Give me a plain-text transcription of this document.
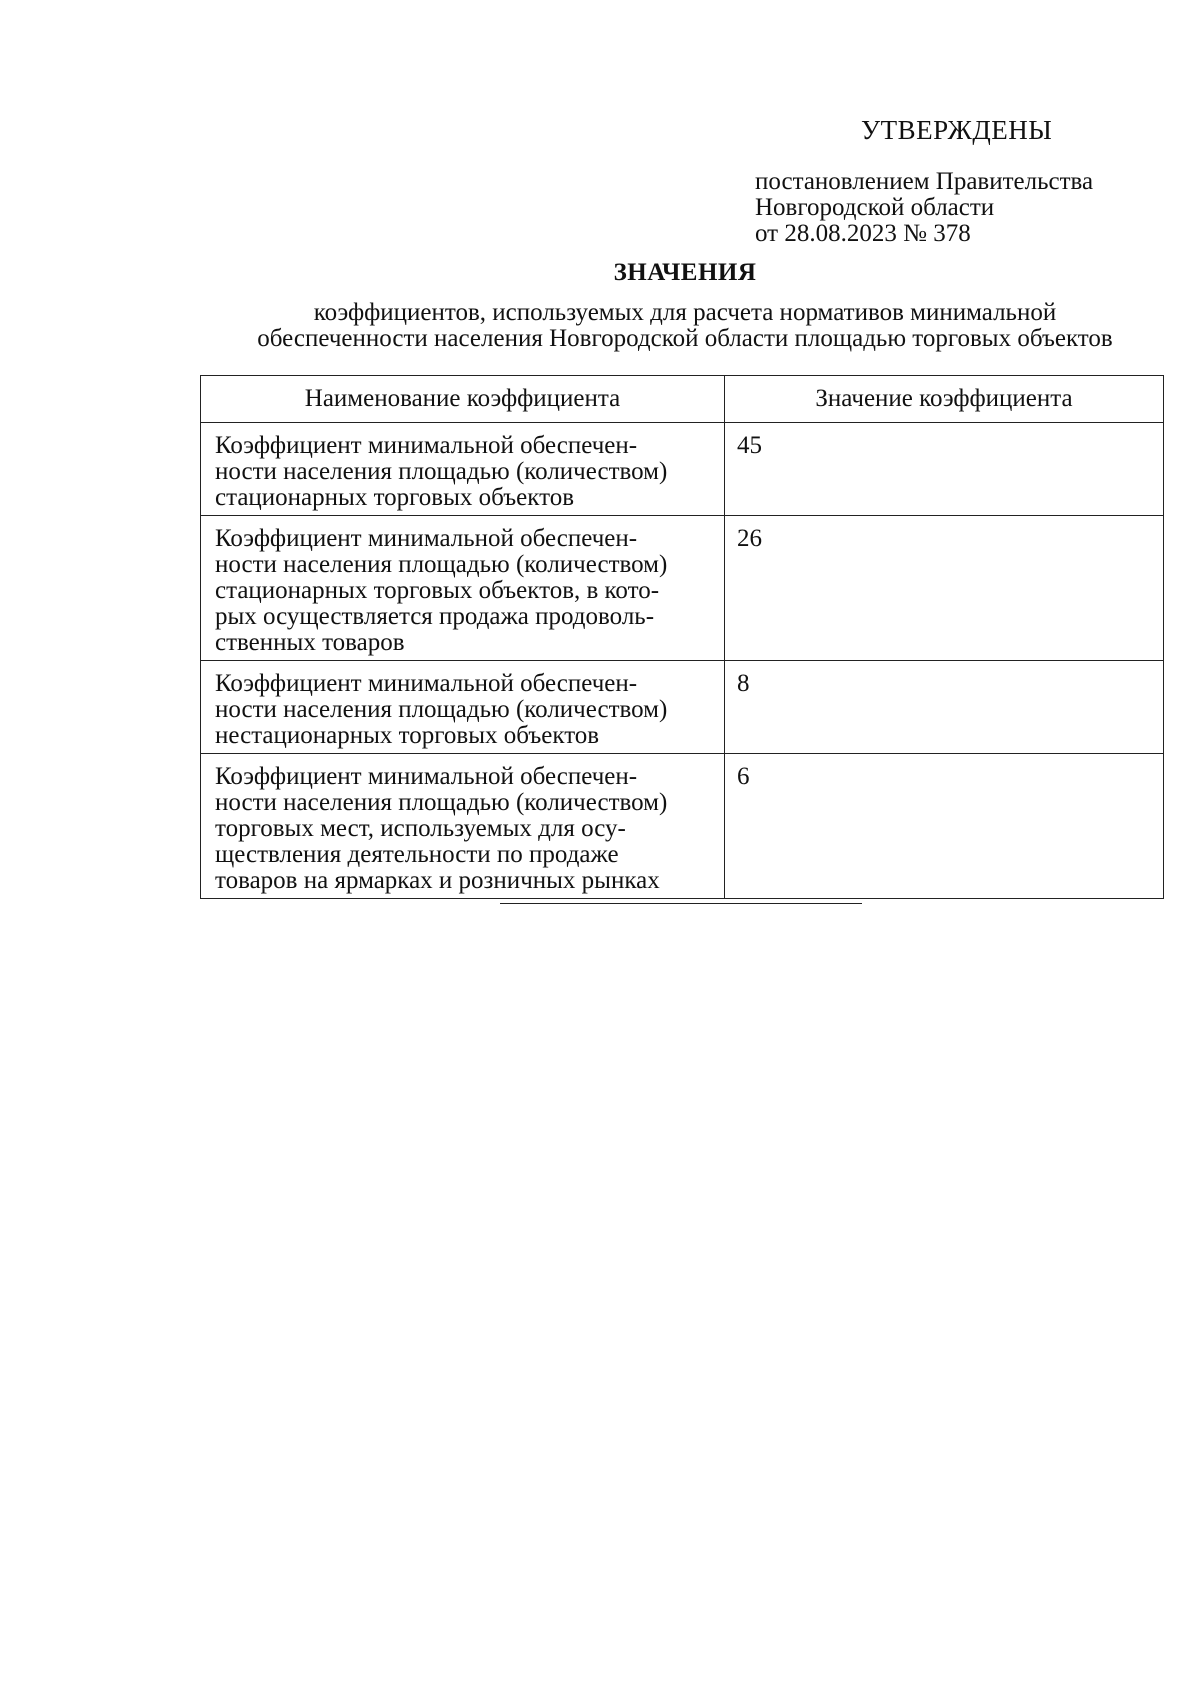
УТВЕРЖДЕНЫ
постановлением Правительства
Новгородской области
от 28.08.2023 № 378
ЗНАЧЕНИЯ
коэффициентов, используемых для расчета нормативов минимальной
обеспеченности населения Новгородской области площадью торговых объектов
Наименование коэффициента	Значение коэффициента

Коэффициент минимальной обеспечен-
ности населения площадью (количеством)
стационарных торговых объектов	45

Коэффициент минимальной обеспечен-
ности населения площадью (количеством)
стационарных торговых объектов, в кото-
рых осуществляется продажа продоволь-
ственных товаров	26

Коэффициент минимальной обеспечен-
ности населения площадью (количеством)
нестационарных торговых объектов	8

Коэффициент минимальной обеспечен-
ности населения площадью (количеством)
торговых мест, используемых для осу-
ществления деятельности по продаже
товаров на ярмарках и розничных рынках	6
